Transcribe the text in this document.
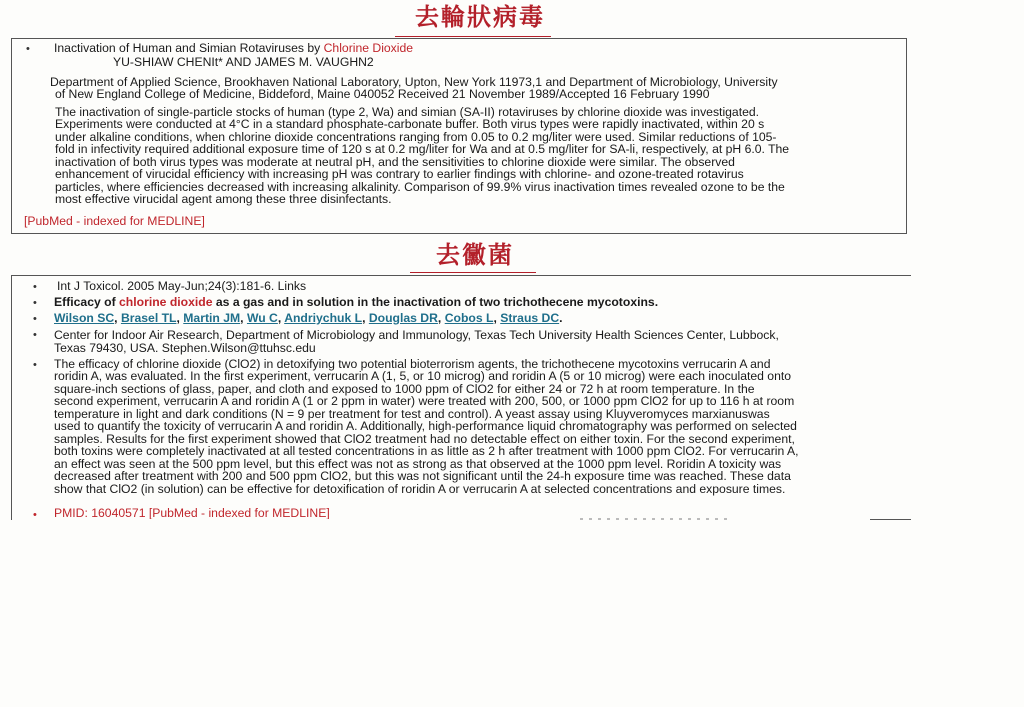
去輪狀病毒
• Inactivation of Human and Simian Rotaviruses by Chlorine Dioxide
YU-SHIAW CHENIt* AND JAMES M. VAUGHN2
Department of Applied Science, Brookhaven National Laboratory, Upton, New York 11973,1 and Department of Microbiology, University
of New England College of Medicine, Biddeford, Maine 040052 Received 21 November 1989/Accepted 16 February 1990
The inactivation of single-particle stocks of human (type 2, Wa) and simian (SA-II) rotaviruses by chlorine dioxide was investigated.
Experiments were conducted at 4°C in a standard phosphate-carbonate buffer. Both virus types were rapidly inactivated, within 20 s
under alkaline conditions, when chlorine dioxide concentrations ranging from 0.05 to 0.2 mg/liter were used. Similar reductions of 105-
fold in infectivity required additional exposure time of 120 s at 0.2 mg/liter for Wa and at 0.5 mg/liter for SA-li, respectively, at pH 6.0. The
inactivation of both virus types was moderate at neutral pH, and the sensitivities to chlorine dioxide were similar. The observed
enhancement of virucidal efficiency with increasing pH was contrary to earlier findings with chlorine- and ozone-treated rotavirus
particles, where efficiencies decreased with increasing alkalinity. Comparison of 99.9% virus inactivation times revealed ozone to be the
most effective virucidal agent among these three disinfectants.
[PubMed - indexed for MEDLINE]
去黴菌
• Int J Toxicol. 2005 May-Jun;24(3):181-6. Links
• Efficacy of chlorine dioxide as a gas and in solution in the inactivation of two trichothecene mycotoxins.
• Wilson SC, Brasel TL, Martin JM, Wu C, Andriychuk L, Douglas DR, Cobos L, Straus DC.
• Center for Indoor Air Research, Department of Microbiology and Immunology, Texas Tech University Health Sciences Center, Lubbock,
Texas 79430, USA. Stephen.Wilson@ttuhsc.edu
• The efficacy of chlorine dioxide (ClO2) in detoxifying two potential bioterrorism agents, the trichothecene mycotoxins verrucarin A and
roridin A, was evaluated. In the first experiment, verrucarin A (1, 5, or 10 microg) and roridin A (5 or 10 microg) were each inoculated onto
square-inch sections of glass, paper, and cloth and exposed to 1000 ppm of ClO2 for either 24 or 72 h at room temperature. In the
second experiment, verrucarin A and roridin A (1 or 2 ppm in water) were treated with 200, 500, or 1000 ppm ClO2 for up to 116 h at room
temperature in light and dark conditions (N = 9 per treatment for test and control). A yeast assay using Kluyveromyces marxianuswas
used to quantify the toxicity of verrucarin A and roridin A. Additionally, high-performance liquid chromatography was performed on selected
samples. Results for the first experiment showed that ClO2 treatment had no detectable effect on either toxin. For the second experiment,
both toxins were completely inactivated at all tested concentrations in as little as 2 h after treatment with 1000 ppm ClO2. For verrucarin A,
an effect was seen at the 500 ppm level, but this effect was not as strong as that observed at the 1000 ppm level. Roridin A toxicity was
decreased after treatment with 200 and 500 ppm ClO2, but this was not significant until the 24-h exposure time was reached. These data
show that ClO2 (in solution) can be effective for detoxification of roridin A or verrucarin A at selected concentrations and exposure times.
• PMID: 16040571 [PubMed - indexed for MEDLINE]
